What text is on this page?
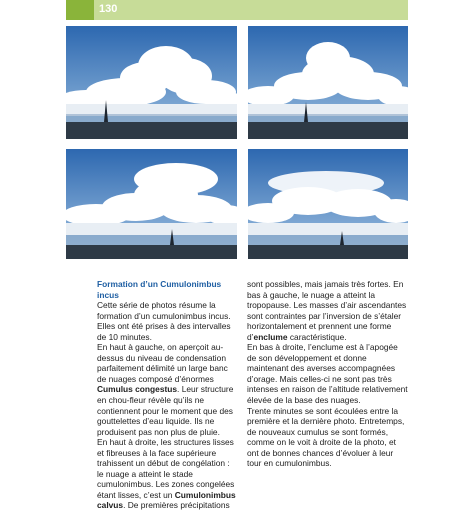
130
Formation d’un Cumulonimbus incus

Cette série de photos résume la formation d’un cumulonimbus incus. Elles ont été prises à des intervalles de 10 minutes.

En haut à gauche, on aperçoit au-dessus du niveau de condensation parfaitement délimité un large banc de nuages composé d’énormes Cumulus congestus. Leur structure en chou-fleur révèle qu’ils ne contiennent pour le moment que des gouttelettes d’eau liquide. Ils ne produisent pas non plus de pluie.

En haut à droite, les structures lisses et fibreuses à la face supérieure trahissent un début de congélation : le nuage a atteint le stade cumulonimbus. Les zones congelées étant lisses, c’est un Cumulonimbus calvus. De premières précipitations

sont possibles, mais jamais très fortes. En bas à gauche, le nuage a atteint la tropopause. Les masses d’air ascendantes sont contraintes par l’inversion de s’étaler horizontalement et prennent une forme d’enclume caractéristique.

En bas à droite, l’enclume est à l’apogée de son développement et donne maintenant des averses accompagnées d’orage. Mais celles-ci ne sont pas très intenses en raison de l’altitude relativement élevée de la base des nuages.

Trente minutes se sont écoulées entre la première et la dernière photo. Entretemps, de nouveaux cumulus se sont formés, comme on le voit à droite de la photo, et ont de bonnes chances d’évoluer à leur tour en cumulonimbus.
